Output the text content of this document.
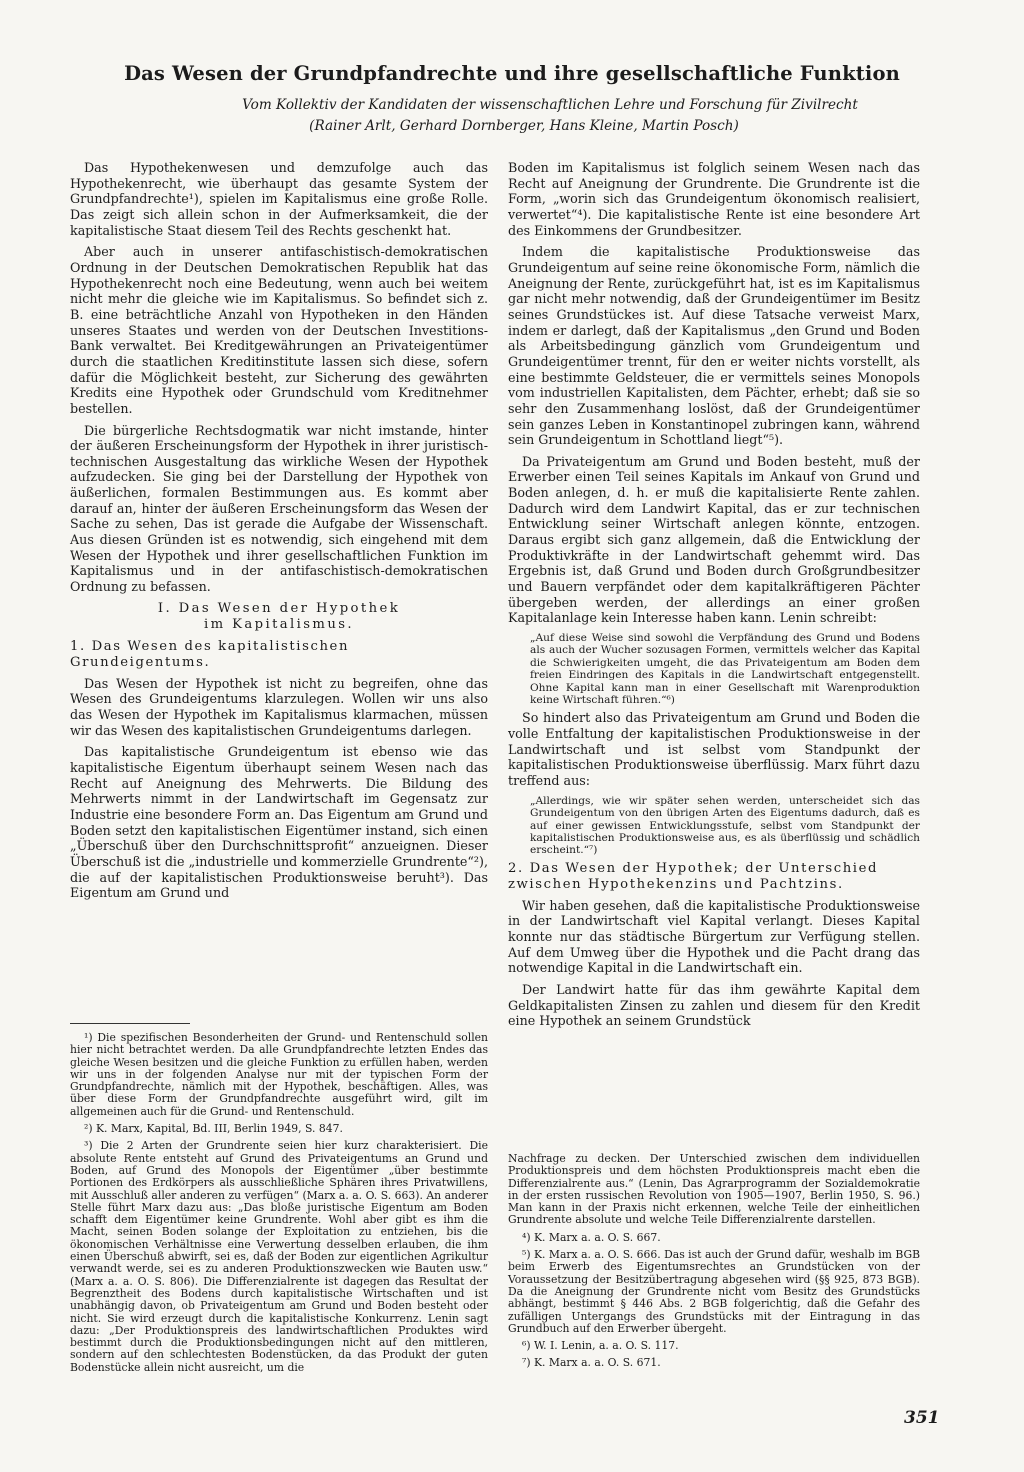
Das Wesen der Grundpfandrechte und ihre gesellschaftliche Funktion
Vom Kollektiv der Kandidaten der wissenschaftlichen Lehre und Forschung für Zivilrecht
(Rainer Arlt, Gerhard Dornberger, Hans Kleine, Martin Posch)

Das Hypothekenwesen und demzufolge auch das Hypothekenrecht, wie überhaupt das gesamte System der Grundpfandrechte¹), spielen im Kapitalismus eine große Rolle. Das zeigt sich allein schon in der Aufmerksamkeit, die der kapitalistische Staat diesem Teil des Rechts geschenkt hat.

Aber auch in unserer antifaschistisch-demokratischen Ordnung in der Deutschen Demokratischen Republik hat das Hypothekenrecht noch eine Bedeutung, wenn auch bei weitem nicht mehr die gleiche wie im Kapitalismus. So befindet sich z. B. eine beträchtliche Anzahl von Hypotheken in den Händen unseres Staates und werden von der Deutschen Investitions-Bank verwaltet. Bei Kreditgewährungen an Privateigentümer durch die staatlichen Kreditinstitute lassen sich diese, sofern dafür die Möglichkeit besteht, zur Sicherung des gewährten Kredits eine Hypothek oder Grundschuld vom Kreditnehmer bestellen.

Die bürgerliche Rechtsdogmatik war nicht imstande, hinter der äußeren Erscheinungsform der Hypothek in ihrer juristisch-technischen Ausgestaltung das wirkliche Wesen der Hypothek aufzudecken. Sie ging bei der Darstellung der Hypothek von äußerlichen, formalen Bestimmungen aus. Es kommt aber darauf an, hinter der äußeren Erscheinungsform das Wesen der Sache zu sehen, Das ist gerade die Aufgabe der Wissenschaft. Aus diesen Gründen ist es notwendig, sich eingehend mit dem Wesen der Hypothek und ihrer gesellschaftlichen Funktion im Kapitalismus und in der antifaschistisch-demokratischen Ordnung zu befassen.

I. Das Wesen der Hypothek
im Kapitalismus.
1. Das Wesen des kapitalistischen Grundeigentums.

Das Wesen der Hypothek ist nicht zu begreifen, ohne das Wesen des Grundeigentums klarzulegen. Wollen wir uns also das Wesen der Hypothek im Kapitalismus klarmachen, müssen wir das Wesen des kapitalistischen Grundeigentums darlegen.

Das kapitalistische Grundeigentum ist ebenso wie das kapitalistische Eigentum überhaupt seinem Wesen nach das Recht auf Aneignung des Mehrwerts. Die Bildung des Mehrwerts nimmt in der Landwirtschaft im Gegensatz zur Industrie eine besondere Form an. Das Eigentum am Grund und Boden setzt den kapitalistischen Eigentümer instand, sich einen „Überschuß über den Durchschnittsprofit“ anzueignen. Dieser Überschuß ist die „industrielle und kommerzielle Grundrente“²), die auf der kapitalistischen Produktionsweise beruht³). Das Eigentum am Grund und

¹) Die spezifischen Besonderheiten der Grund- und Rentenschuld sollen hier nicht betrachtet werden. Da alle Grundpfandrechte letzten Endes das gleiche Wesen besitzen und die gleiche Funktion zu erfüllen haben, werden wir uns in der folgenden Analyse nur mit der typischen Form der Grundpfandrechte, nämlich mit der Hypothek, beschäftigen. Alles, was über diese Form der Grundpfandrechte ausgeführt wird, gilt im allgemeinen auch für die Grund- und Rentenschuld.

²) K. Marx, Kapital, Bd. III, Berlin 1949, S. 847.

³) Die 2 Arten der Grundrente seien hier kurz charakterisiert. Die absolute Rente entsteht auf Grund des Privateigentums an Grund und Boden, auf Grund des Monopols der Eigentümer „über bestimmte Portionen des Erdkörpers als ausschließliche Sphären ihres Privatwillens, mit Ausschluß aller anderen zu verfügen“ (Marx a. a. O. S. 663). An anderer Stelle führt Marx dazu aus: „Das bloße juristische Eigentum am Boden schafft dem Eigentümer keine Grundrente. Wohl aber gibt es ihm die Macht, seinen Boden solange der Exploitation zu entziehen, bis die ökonomischen Verhältnisse eine Verwertung desselben erlauben, die ihm einen Überschuß abwirft, sei es, daß der Boden zur eigentlichen Agrikultur verwandt werde, sei es zu anderen Produktionszwecken wie Bauten usw.“ (Marx a. a. O. S. 806). Die Differenzialrente ist dagegen das Resultat der Begrenztheit des Bodens durch kapitalistische Wirtschaften und ist unabhängig davon, ob Privateigentum am Grund und Boden besteht oder nicht. Sie wird erzeugt durch die kapitalistische Konkurrenz. Lenin sagt dazu: „Der Produktionspreis des landwirtschaftlichen Produktes wird bestimmt durch die Produktionsbedingungen nicht auf den mittleren, sondern auf den schlechtesten Bodenstücken, da das Produkt der guten Bodenstücke allein nicht ausreicht, um die

Boden im Kapitalismus ist folglich seinem Wesen nach das Recht auf Aneignung der Grundrente. Die Grundrente ist die Form, „worin sich das Grundeigentum ökonomisch realisiert, verwertet“⁴). Die kapitalistische Rente ist eine besondere Art des Einkommens der Grundbesitzer.

Indem die kapitalistische Produktionsweise das Grundeigentum auf seine reine ökonomische Form, nämlich die Aneignung der Rente, zurückgeführt hat, ist es im Kapitalismus gar nicht mehr notwendig, daß der Grundeigentümer im Besitz seines Grundstückes ist. Auf diese Tatsache verweist Marx, indem er darlegt, daß der Kapitalismus „den Grund und Boden als Arbeitsbedingung gänzlich vom Grundeigentum und Grundeigentümer trennt, für den er weiter nichts vorstellt, als eine bestimmte Geldsteuer, die er vermittels seines Monopols vom industriellen Kapitalisten, dem Pächter, erhebt; daß sie so sehr den Zusammenhang loslöst, daß der Grundeigentümer sein ganzes Leben in Konstantinopel zubringen kann, während sein Grundeigentum in Schottland liegt“⁵).

Da Privateigentum am Grund und Boden besteht, muß der Erwerber einen Teil seines Kapitals im Ankauf von Grund und Boden anlegen, d. h. er muß die kapitalisierte Rente zahlen. Dadurch wird dem Landwirt Kapital, das er zur technischen Entwicklung seiner Wirtschaft anlegen könnte, entzogen. Daraus ergibt sich ganz allgemein, daß die Entwicklung der Produktivkräfte in der Landwirtschaft gehemmt wird. Das Ergebnis ist, daß Grund und Boden durch Großgrundbesitzer und Bauern verpfändet oder dem kapitalkräftigeren Pächter übergeben werden, der allerdings an einer großen Kapitalanlage kein Interesse haben kann. Lenin schreibt:

„Auf diese Weise sind sowohl die Verpfändung des Grund und Bodens als auch der Wucher sozusagen Formen, vermittels welcher das Kapital die Schwierigkeiten umgeht, die das Privateigentum am Boden dem freien Eindringen des Kapitals in die Landwirtschaft entgegenstellt. Ohne Kapital kann man in einer Gesellschaft mit Warenproduktion keine Wirtschaft führen.“⁶)

So hindert also das Privateigentum am Grund und Boden die volle Entfaltung der kapitalistischen Produktionsweise in der Landwirtschaft und ist selbst vom Standpunkt der kapitalistischen Produktionsweise überflüssig. Marx führt dazu treffend aus:

„Allerdings, wie wir später sehen werden, unterscheidet sich das Grundeigentum von den übrigen Arten des Eigentums dadurch, daß es auf einer gewissen Entwicklungsstufe, selbst vom Standpunkt der kapitalistischen Produktionsweise aus, es als überflüssig und schädlich erscheint.“⁷)
2. Das Wesen der Hypothek; der Unterschied zwischen Hypothekenzins und Pachtzins.

Wir haben gesehen, daß die kapitalistische Produktionsweise in der Landwirtschaft viel Kapital verlangt. Dieses Kapital konnte nur das städtische Bürgertum zur Verfügung stellen. Auf dem Umweg über die Hypothek und die Pacht drang das notwendige Kapital in die Landwirtschaft ein.

Der Landwirt hatte für das ihm gewährte Kapital dem Geldkapitalisten Zinsen zu zahlen und diesem für den Kredit eine Hypothek an seinem Grundstück

Nachfrage zu decken. Der Unterschied zwischen dem individuellen Produktionspreis und dem höchsten Produktionspreis macht eben die Differenzialrente aus.“ (Lenin, Das Agrarprogramm der Sozialdemokratie in der ersten russischen Revolution von 1905—1907, Berlin 1950, S. 96.) Man kann in der Praxis nicht erkennen, welche Teile der einheitlichen Grundrente absolute und welche Teile Differenzialrente darstellen.

⁴) K. Marx a. a. O. S. 667.

⁵) K. Marx a. a. O. S. 666. Das ist auch der Grund dafür, weshalb im BGB beim Erwerb des Eigentumsrechtes an Grundstücken von der Voraussetzung der Besitzübertragung abgesehen wird (§§ 925, 873 BGB). Da die Aneignung der Grundrente nicht vom Besitz des Grundstücks abhängt, bestimmt § 446 Abs. 2 BGB folgerichtig, daß die Gefahr des zufälligen Untergangs des Grundstücks mit der Eintragung in das Grundbuch auf den Erwerber übergeht.

⁶) W. I. Lenin, a. a. O. S. 117.

⁷) K. Marx a. a. O. S. 671.

351
